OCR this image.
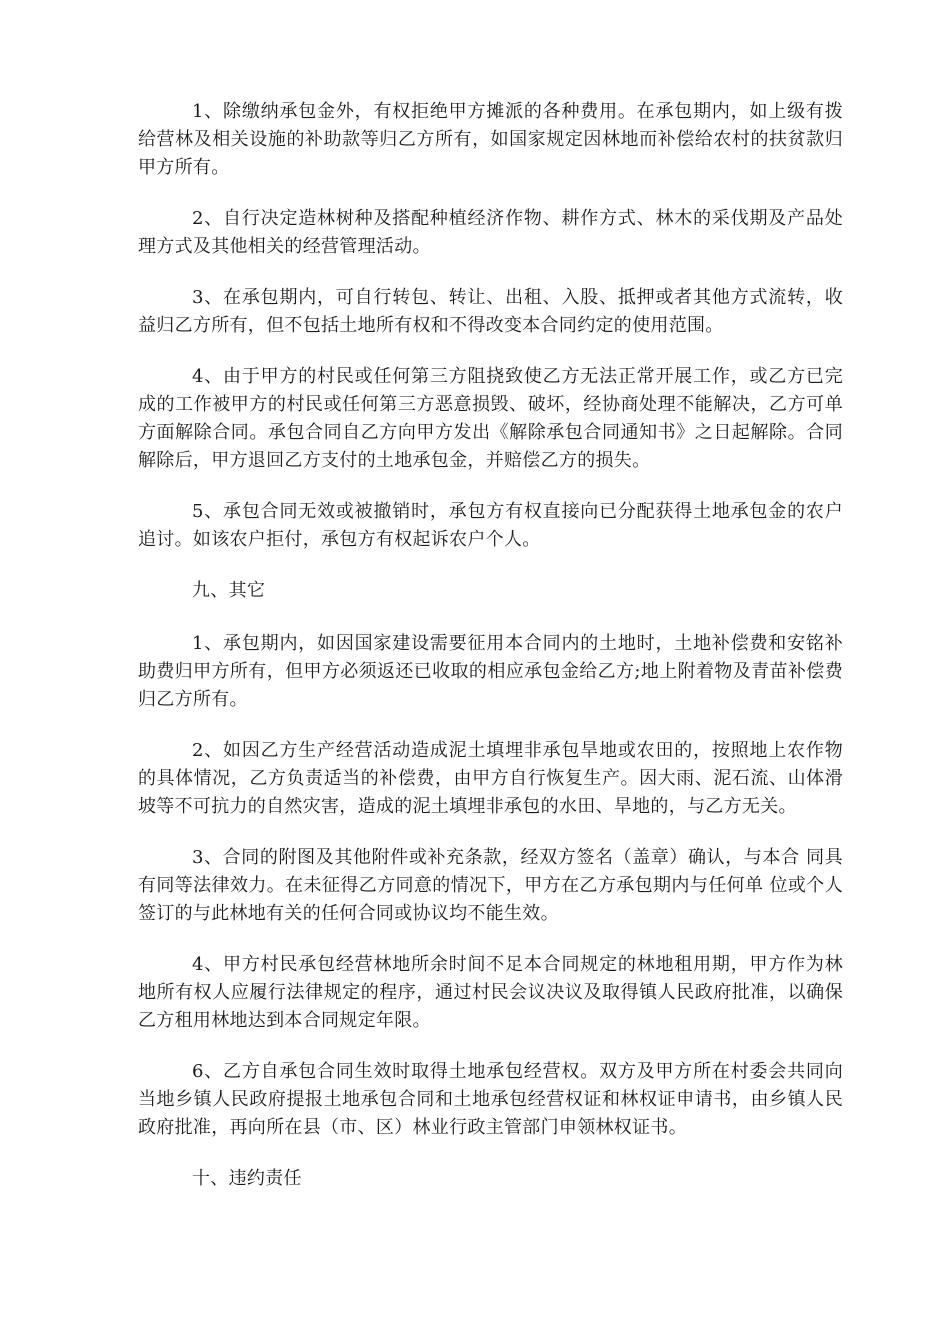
1、除缴纳承包金外，有权拒绝甲方摊派的各种费用。在承包期内，如上级有拨给营林及相关设施的补助款等归乙方所有，如国家规定因林地而补偿给农村的扶贫款归甲方所有。

2、自行决定造林树种及搭配种植经济作物、耕作方式、林木的采伐期及产品处理方式及其他相关的经营管理活动。

3、在承包期内，可自行转包、转让、出租、入股、抵押或者其他方式流转，收益归乙方所有，但不包括土地所有权和不得改变本合同约定的使用范围。

4、由于甲方的村民或任何第三方阻挠致使乙方无法正常开展工作，或乙方已完成的工作被甲方的村民或任何第三方恶意损毁、破坏，经协商处理不能解决，乙方可单方面解除合同。承包合同自乙方向甲方发出《解除承包合同通知书》之日起解除。合同解除后，甲方退回乙方支付的土地承包金，并赔偿乙方的损失。

5、承包合同无效或被撤销时，承包方有权直接向已分配获得土地承包金的农户追讨。如该农户拒付，承包方有权起诉农户个人。

九、其它

1、承包期内，如因国家建设需要征用本合同内的土地时，土地补偿费和安铭补助费归甲方所有，但甲方必须返还已收取的相应承包金给乙方;地上附着物及青苗补偿费归乙方所有。

2、如因乙方生产经营活动造成泥土填埋非承包旱地或农田的，按照地上农作物的具体情况，乙方负责适当的补偿费，由甲方自行恢复生产。因大雨、泥石流、山体滑坡等不可抗力的自然灾害，造成的泥土填埋非承包的水田、旱地的，与乙方无关。

3、合同的附图及其他附件或补充条款，经双方签名（盖章）确认，与本合 同具有同等法律效力。在未征得乙方同意的情况下，甲方在乙方承包期内与任何单 位或个人签订的与此林地有关的任何合同或协议均不能生效。

4、甲方村民承包经营林地所余时间不足本合同规定的林地租用期，甲方作为林地所有权人应履行法律规定的程序，通过村民会议决议及取得镇人民政府批准，以确保乙方租用林地达到本合同规定年限。

6、乙方自承包合同生效时取得土地承包经营权。双方及甲方所在村委会共同向当地乡镇人民政府提报土地承包合同和土地承包经营权证和林权证申请书，由乡镇人民政府批准，再向所在县（市、区）林业行政主管部门申领林权证书。

十、违约责任
